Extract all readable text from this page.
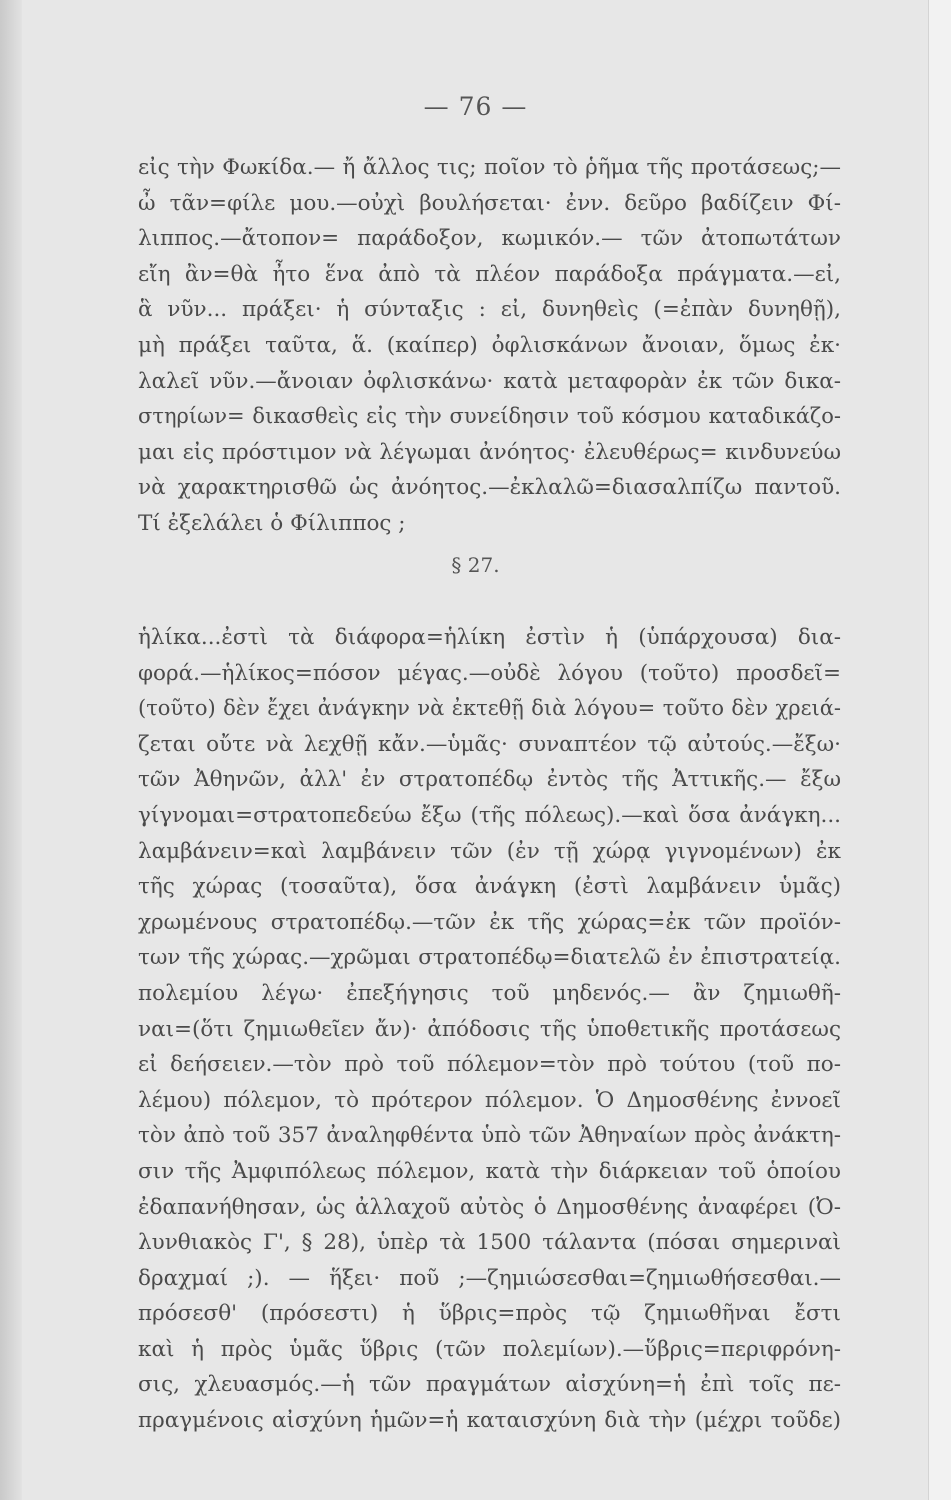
— 76 —
εἰς τὴν Φωκίδα.— ἤ ἄλλος τις; ποῖον τὸ ῥῆμα τῆς προτάσεως;—
ὦ τᾶν=φίλε μου.—οὐχὶ βουλήσεται· ἐνν. δεῦρο βαδίζειν Φί-
λιππος.—ἄτοπον= παράδοξον, κωμικόν.— τῶν ἀτοπωτάτων
εἴη ἂν=θὰ ἦτο ἕνα ἀπὸ τὰ πλέον παράδοξα πράγματα.—εἰ,
ἃ νῦν... πράξει· ἡ σύνταξις : εἰ, δυνηθεὶς (=ἐπὰν δυνηθῇ),
μὴ πράξει ταῦτα, ἅ. (καίπερ) ὀφλισκάνων ἄνοιαν, ὅμως ἐκ·
λαλεῖ νῦν.—ἄνοιαν ὀφλισκάνω· κατὰ μεταφορὰν ἐκ τῶν δικα-
στηρίων= δικασθεὶς εἰς τὴν συνείδησιν τοῦ κόσμου καταδικάζο-
μαι εἰς πρόστιμον νὰ λέγωμαι ἀνόητος· ἐλευθέρως= κινδυνεύω
νὰ χαρακτηρισθῶ ὡς ἀνόητος.—ἐκλαλῶ=διασαλπίζω παντοῦ.
Τί ἐξελάλει ὁ Φίλιππος ;
§ 27.
ἡλίκα...ἐστὶ τὰ διάφορα=ἡλίκη ἐστὶν ἡ (ὑπάρχουσα) δια-
φορά.—ἡλίκος=πόσον μέγας.—οὐδὲ λόγου (τοῦτο) προσδεῖ=
(τοῦτο) δὲν ἔχει ἀνάγκην νὰ ἐκτεθῇ διὰ λόγου= τοῦτο δὲν χρειά-
ζεται οὔτε νὰ λεχθῇ κἄν.—ὑμᾶς· συναπτέον τῷ αὐτούς.—ἔξω·
τῶν Ἀθηνῶν, ἀλλ' ἐν στρατοπέδῳ ἐντὸς τῆς Ἀττικῆς.— ἔξω
γίγνομαι=στρατοπεδεύω ἔξω (τῆς πόλεως).—καὶ ὅσα ἀνάγκη...
λαμβάνειν=καὶ λαμβάνειν τῶν (ἐν τῇ χώρᾳ γιγνομένων) ἐκ
τῆς χώρας (τοσαῦτα), ὅσα ἀνάγκη (ἐστὶ λαμβάνειν ὑμᾶς)
χρωμένους στρατοπέδῳ.—τῶν ἐκ τῆς χώρας=ἐκ τῶν προϊόν-
των τῆς χώρας.—χρῶμαι στρατοπέδῳ=διατελῶ ἐν ἐπιστρατείᾳ.
πολεμίου λέγω· ἐπεξήγησις τοῦ μηδενός.— ἂν ζημιωθῆ-
ναι=(ὅτι ζημιωθεῖεν ἄν)· ἀπόδοσις τῆς ὑποθετικῆς προτάσεως
εἰ δεήσειεν.—τὸν πρὸ τοῦ πόλεμον=τὸν πρὸ τούτου (τοῦ πο-
λέμου) πόλεμον, τὸ πρότερον πόλεμον. Ὁ Δημοσθένης ἐννοεῖ
τὸν ἀπὸ τοῦ 357 ἀναληφθέντα ὑπὸ τῶν Ἀθηναίων πρὸς ἀνάκτη-
σιν τῆς Ἀμφιπόλεως πόλεμον, κατὰ τὴν διάρκειαν τοῦ ὁποίου
ἐδαπανήθησαν, ὡς ἀλλαχοῦ αὐτὸς ὁ Δημοσθένης ἀναφέρει (Ὀ-
λυνθιακὸς Γ', § 28), ὑπὲρ τὰ 1500 τάλαντα (πόσαι σημεριναὶ
δραχμαί ;). — ἥξει· ποῦ ;—ζημιώσεσθαι=ζημιωθήσεσθαι.—
πρόσεσθ' (πρόσεστι) ἡ ὕβρις=πρὸς τῷ ζημιωθῆναι ἔστι
καὶ ἡ πρὸς ὑμᾶς ὕβρις (τῶν πολεμίων).—ὕβρις=περιφρόνη-
σις, χλευασμός.—ἡ τῶν πραγμάτων αἰσχύνη=ἡ ἐπὶ τοῖς πε-
πραγμένοις αἰσχύνη ἡμῶν=ἡ καταισχύνη διὰ τὴν (μέχρι τοῦδε)
